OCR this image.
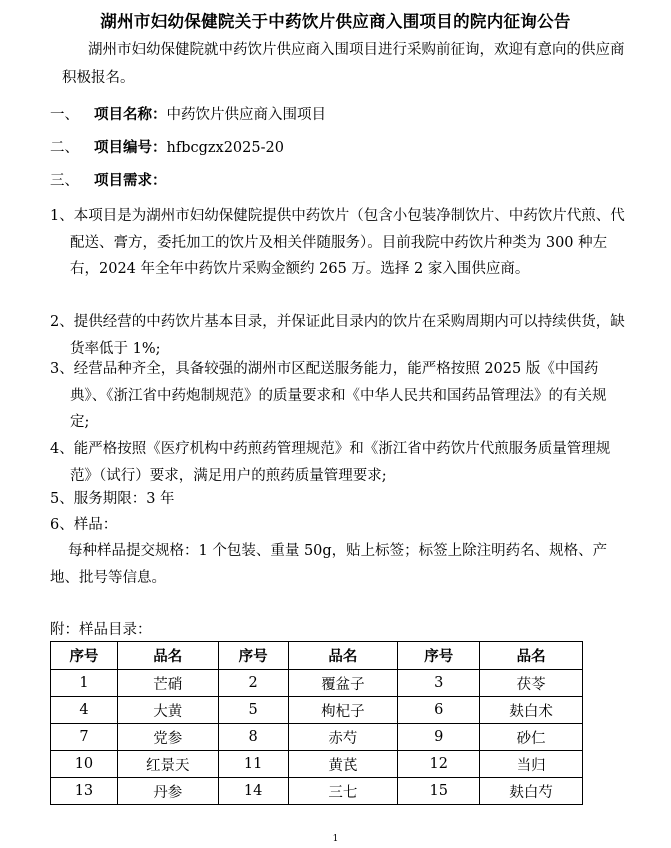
湖州市妇幼保健院关于中药饮片供应商入围项目的院内征询公告
湖州市妇幼保健院就中药饮片供应商入围项目进行采购前征询，欢迎有意向的供应商积极报名。
一、 项目名称：中药饮片供应商入围项目
二、 项目编号：hfbcgzx2025-20
三、 项目需求：
1、本项目是为湖州市妇幼保健院提供中药饮片（包含小包装净制饮片、中药饮片代煎、代配送、膏方，委托加工的饮片及相关伴随服务）。目前我院中药饮片种类为 300 种左右，2024 年全年中药饮片采购金额约 265 万。选择 2 家入围供应商。
2、提供经营的中药饮片基本目录，并保证此目录内的饮片在采购周期内可以持续供货，缺货率低于 1%;
3、经营品种齐全，具备较强的湖州市区配送服务能力，能严格按照 2025 版《中国药典》、《浙江省中药炮制规范》的质量要求和《中华人民共和国药品管理法》的有关规定;
4、能严格按照《医疗机构中药煎药管理规范》和《浙江省中药饮片代煎服务质量管理规范》（试行）要求，满足用户的煎药质量管理要求;
5、服务期限：3 年
6、样品：
每种样品提交规格：1 个包装、重量 50g，贴上标签；标签上除注明药名、规格、产地、批号等信息。
附：样品目录：
序号	品名	序号	品名	序号	品名
1	芒硝	2	覆盆子	3	茯苓
4	大黄	5	枸杞子	6	麸白术
7	党参	8	赤芍	9	砂仁
10	红景天	11	黄芪	12	当归
13	丹参	14	三七	15	麸白芍
1
